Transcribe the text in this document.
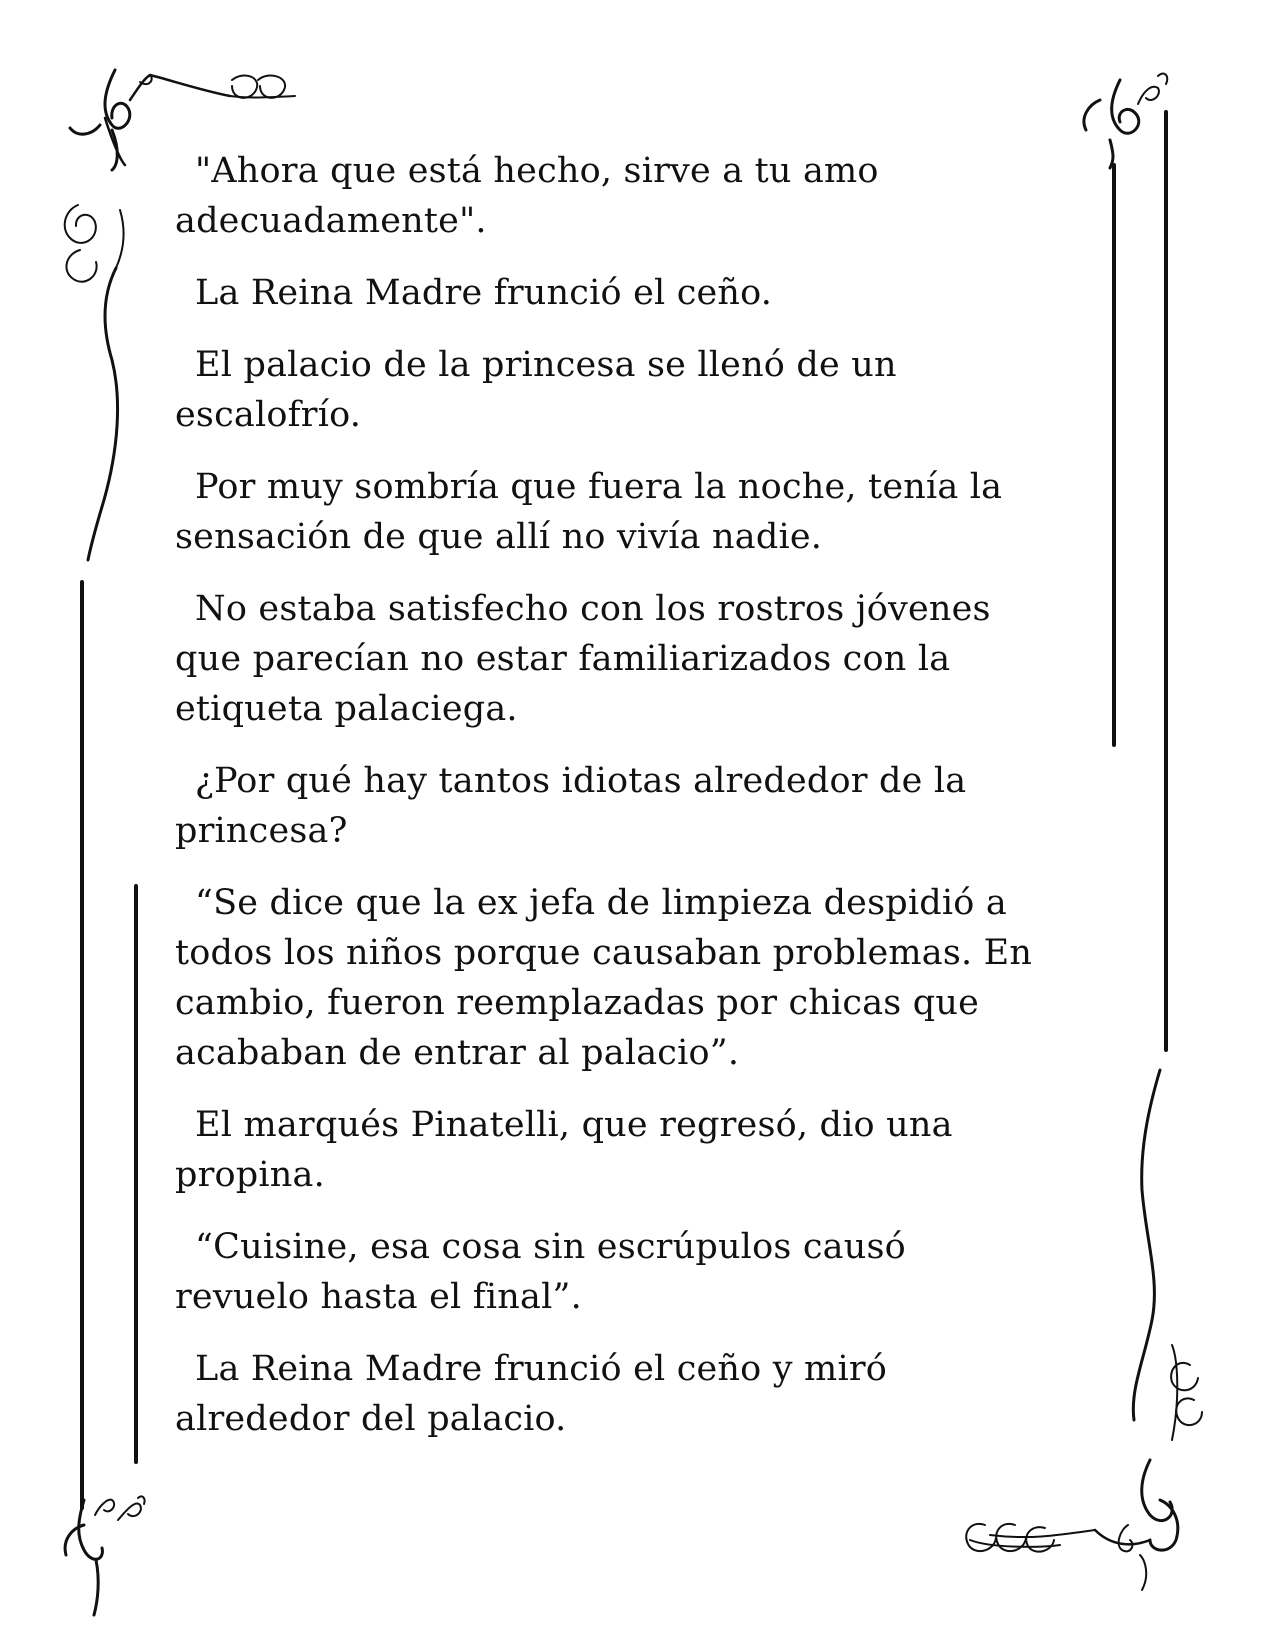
"Ahora que está hecho, sirve a tu amo
adecuadamente".

La Reina Madre frunció el ceño.

El palacio de la princesa se llenó de un
escalofrío.

Por muy sombría que fuera la noche, tenía la
sensación de que allí no vivía nadie.

No estaba satisfecho con los rostros jóvenes
que parecían no estar familiarizados con la
etiqueta palaciega.

¿Por qué hay tantos idiotas alrededor de la
princesa?

“Se dice que la ex jefa de limpieza despidió a
todos los niños porque causaban problemas. En
cambio, fueron reemplazadas por chicas que
acababan de entrar al palacio”.

El marqués Pinatelli, que regresó, dio una
propina.

“Cuisine, esa cosa sin escrúpulos causó
revuelo hasta el final”.

La Reina Madre frunció el ceño y miró
alrededor del palacio.
